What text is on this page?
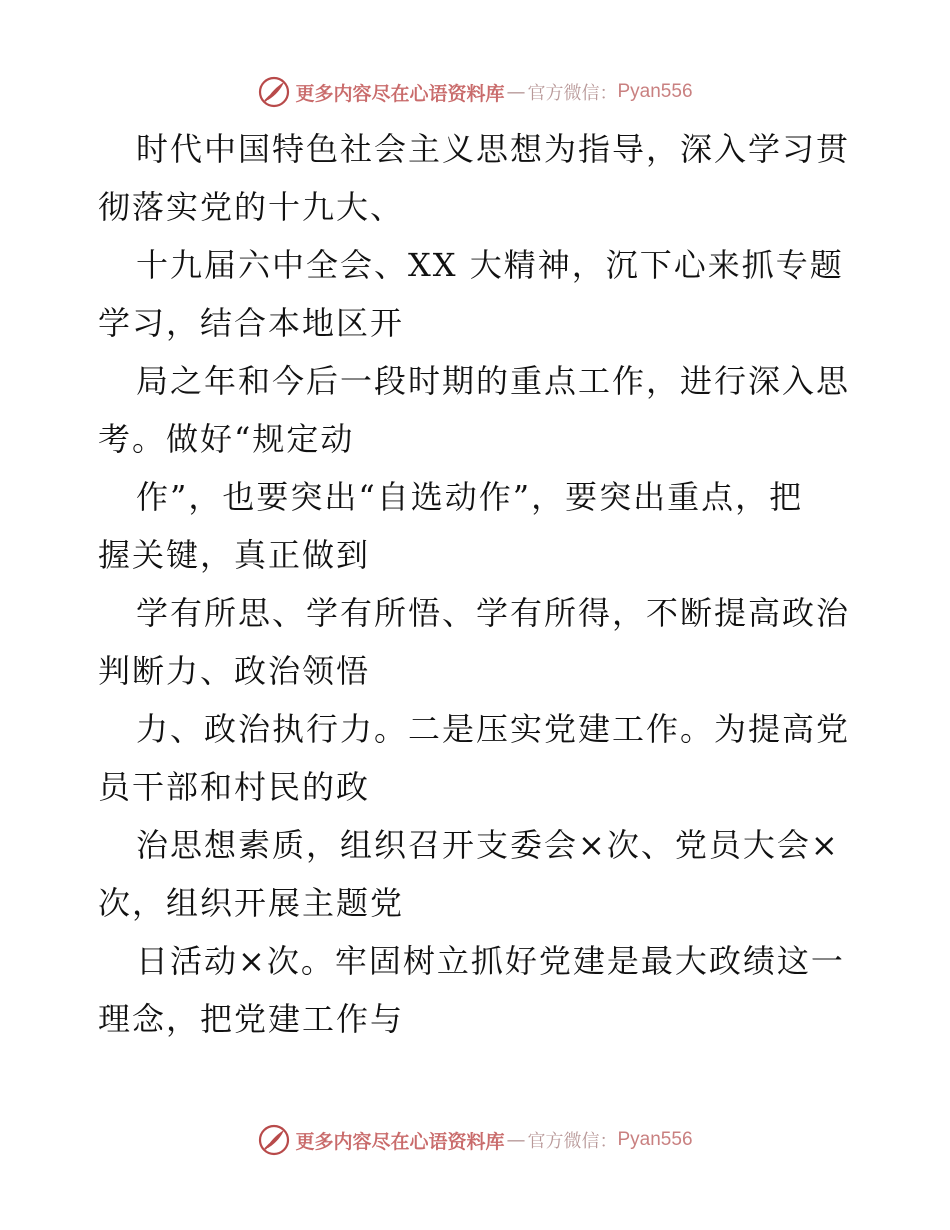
更多内容尽在心语资料库 — 官方微信： Pyan556
时代中国特色社会主义思想为指导，深入学习贯
彻落实党的十九大、
十九届六中全会、XX 大精神，沉下心来抓专题
学习，结合本地区开
局之年和今后一段时期的重点工作，进行深入思
考。做好“规定动
作”，也要突出“自选动作”，要突出重点，把
握关键，真正做到
学有所思、学有所悟、学有所得，不断提高政治
判断力、政治领悟
力、政治执行力。二是压实党建工作。为提高党
员干部和村民的政
治思想素质，组织召开支委会×次、党员大会×
次，组织开展主题党
日活动×次。牢固树立抓好党建是最大政绩这一
理念，把党建工作与
更多内容尽在心语资料库 — 官方微信： Pyan556
